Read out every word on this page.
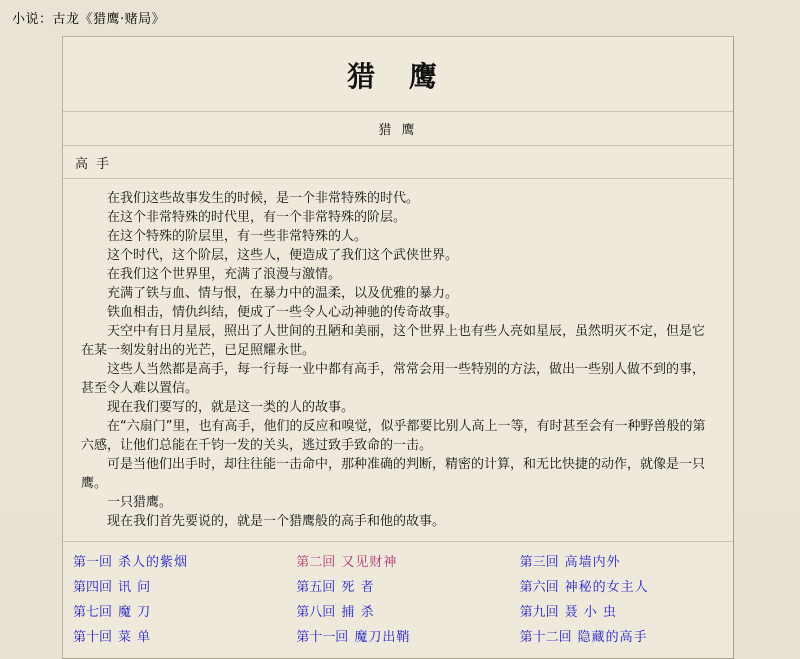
小说：古龙《猎鹰·赌局》
猎 鹰
猎 鹰
高 手

在我们这些故事发生的时候，是一个非常特殊的时代。

在这个非常特殊的时代里，有一个非常特殊的阶层。

在这个特殊的阶层里，有一些非常特殊的人。

这个时代，这个阶层，这些人，便造成了我们这个武侠世界。

在我们这个世界里，充满了浪漫与激情。

充满了铁与血、情与恨，在暴力中的温柔，以及优雅的暴力。

铁血相击，情仇纠结，便成了一些令人心动神驰的传奇故事。

天空中有日月星辰，照出了人世间的丑陋和美丽，这个世界上也有些人亮如星辰，虽然明灭不定，但是它在某一刻发射出的光芒，已足照耀永世。

这些人当然都是高手，每一行每一业中都有高手，常常会用一些特别的方法，做出一些别人做不到的事，甚至令人难以置信。

现在我们要写的，就是这一类的人的故事。

在“六扇门”里，也有高手，他们的反应和嗅觉，似乎都要比别人高上一等，有时甚至会有一种野兽般的第六感，让他们总能在千钧一发的关头，逃过致手致命的一击。

可是当他们出手时，却往往能一击命中，那种准确的判断，精密的计算，和无比快捷的动作，就像是一只鹰。

一只猎鹰。

现在我们首先要说的，就是一个猎鹰般的高手和他的故事。

第一回 杀人的紫烟	第二回 又见财神	第三回 高墙内外
第四回 讯 问	第五回 死 者	第六回 神秘的女主人
第七回 魔 刀	第八回 捕 杀	第九回 聂 小 虫
第十回 菜 单	第十一回 魔刀出鞘	第十二回 隐藏的高手
